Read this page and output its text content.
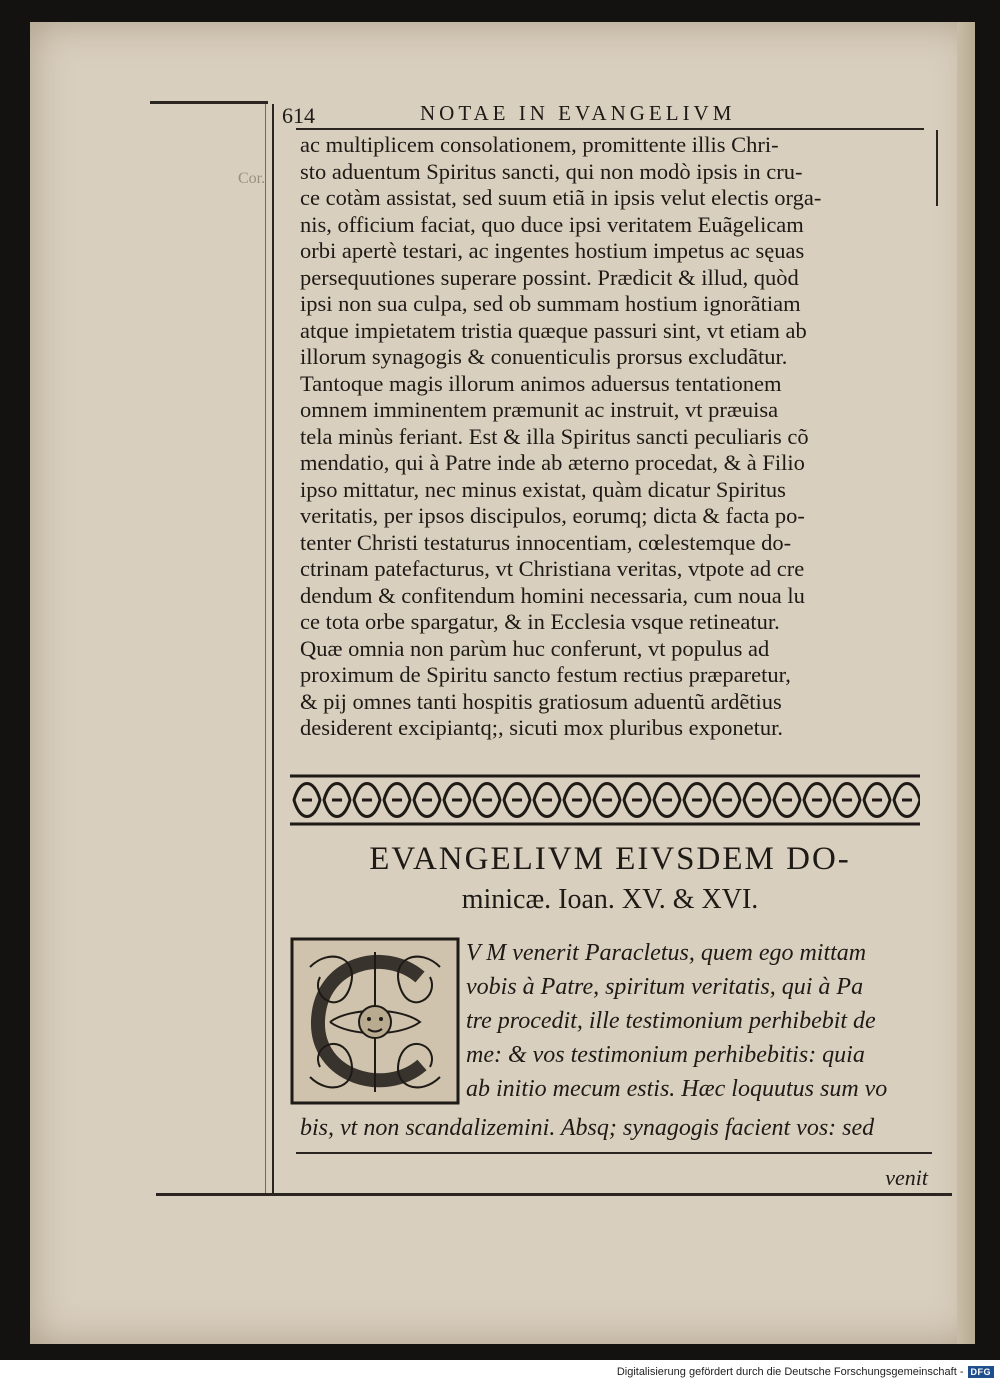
Cor.
614	NOTAE IN EVANGELIVM
ac multiplicem consolationem, promittente illis Chri-
sto aduentum Spiritus sancti, qui non modò ipsis in cru-
ce cotàm assistat, sed suum etiã in ipsis velut electis orga-
nis, officium faciat, quo duce ipsi veritatem Euãgelicam
orbi apertè testari, ac ingentes hostium impetus ac sęuas
persequutiones superare possint. Prædicit & illud, quòd
ipsi non sua culpa, sed ob summam hostium ignorãtiam
atque impietatem tristia quæque passuri sint, vt etiam ab
illorum synagogis & conuenticulis prorsus excludãtur.
Tantoque magis illorum animos aduersus tentationem
omnem imminentem præmunit ac instruit, vt præuisa
tela minùs feriant. Est & illa Spiritus sancti peculiaris cõ
mendatio, qui à Patre inde ab æterno procedat, & à Filio
ipso mittatur, nec minus existat, quàm dicatur Spiritus
veritatis, per ipsos discipulos, eorumq; dicta & facta po-
tenter Christi testaturus innocentiam, cœlestemque do-
ctrinam patefacturus, vt Christiana veritas, vtpote ad cre
dendum & confitendum homini necessaria, cum noua lu
ce tota orbe spargatur, & in Ecclesia vsque retineatur.
Quæ omnia non parùm huc conferunt, vt populus ad
proximum de Spiritu sancto festum rectius præparetur,
& pij omnes tanti hospitis gratiosum aduentũ ardẽtius
desiderent excipiantq;, sicuti mox pluribus exponetur.
EVANGELIVM EIVSDEM DO-
minicæ. Ioan. XV. & XVI.
V M venerit Paracletus, quem ego mittam
vobis à Patre, spiritum veritatis, qui à Pa
tre procedit, ille testimonium perhibebit de
me: & vos testimonium perhibebitis: quia
ab initio mecum estis. Hæc loquutus sum vo
bis, vt non scandalizemini. Absq; synagogis facient vos: sed
venit
Digitalisierung gefördert durch die Deutsche Forschungsgemeinschaft - DFG
